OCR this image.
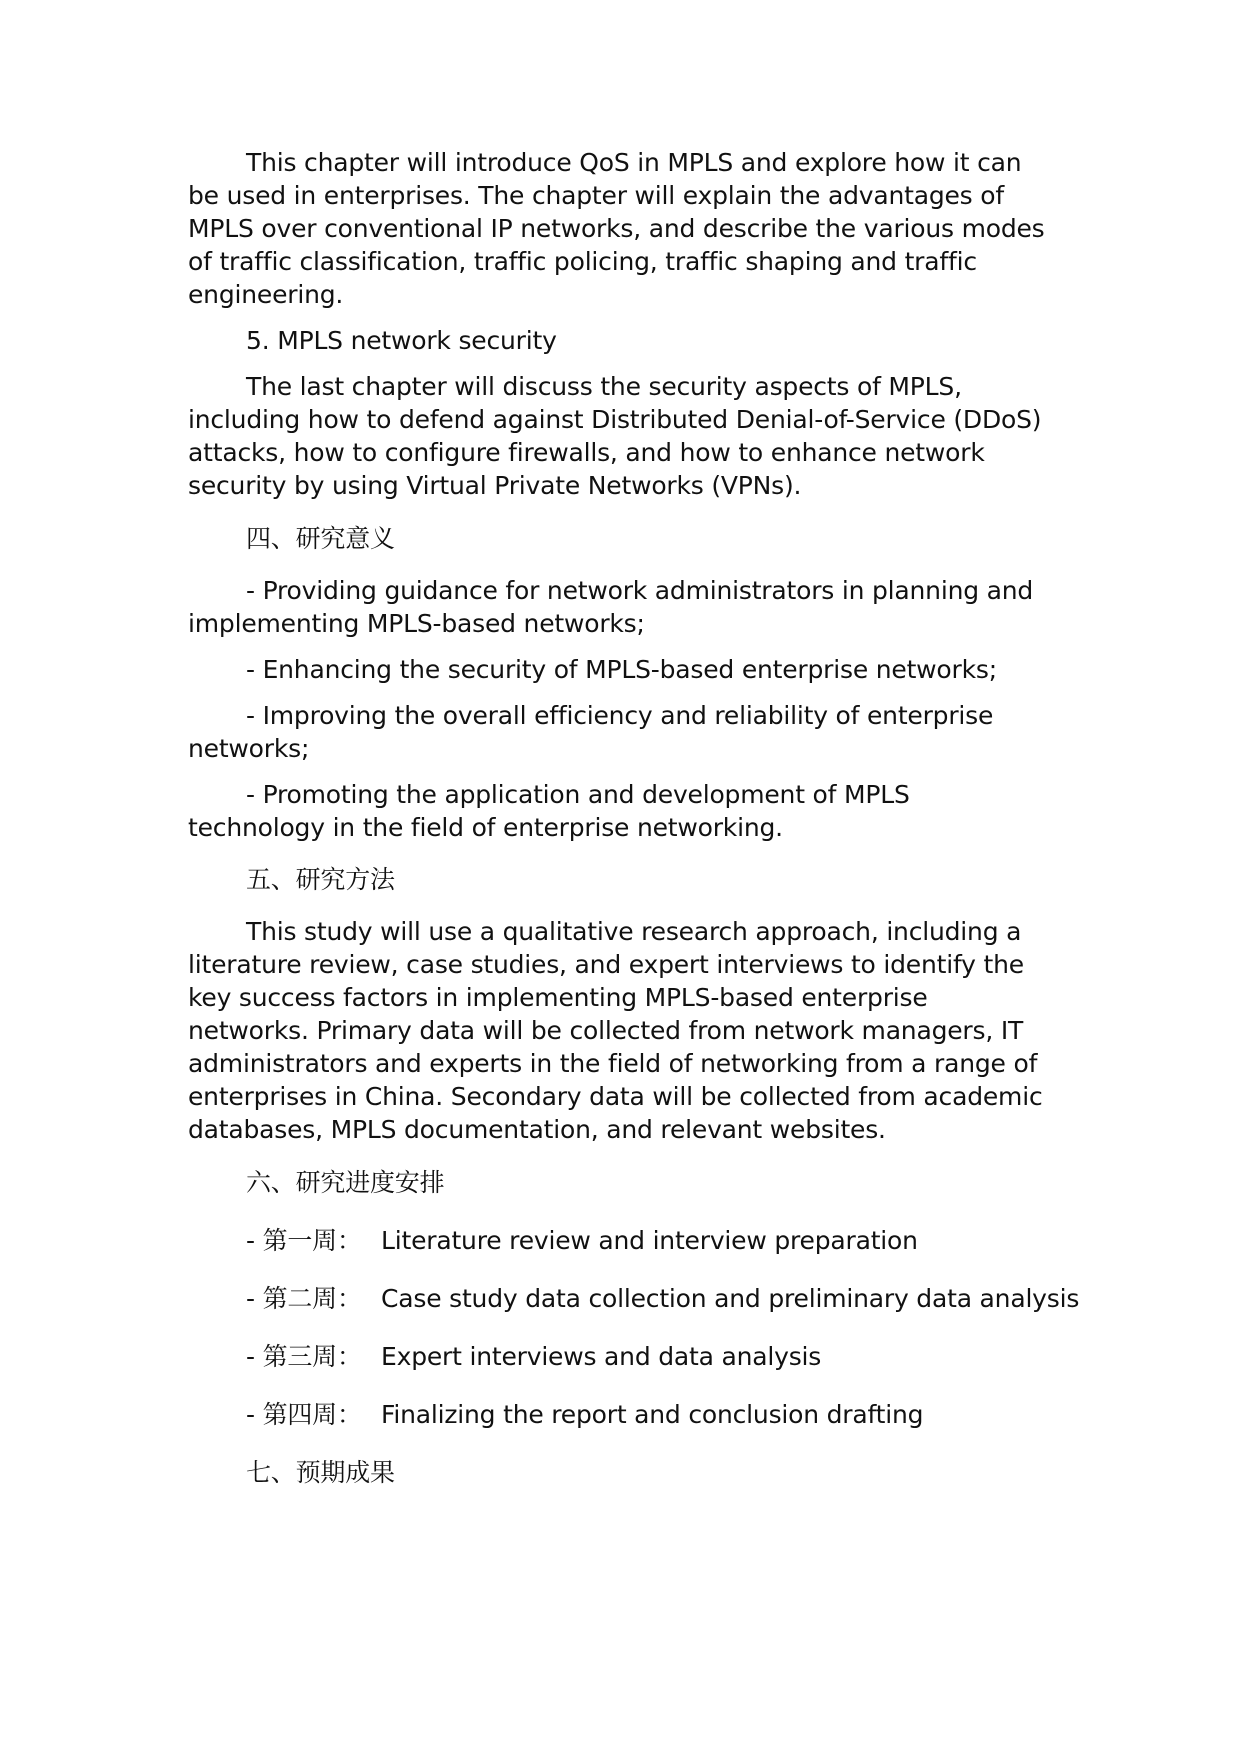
This chapter will introduce QoS in MPLS and explore how it can be used in enterprises. The chapter will explain the advantages of MPLS over conventional IP networks, and describe the various modes of traffic classification, traffic policing, traffic shaping and traffic engineering.

5. MPLS network security

The last chapter will discuss the security aspects of MPLS, including how to defend against Distributed Denial-of-Service (DDoS) attacks, how to configure firewalls, and how to enhance network security by using Virtual Private Networks (VPNs).

四、研究意义

- Providing guidance for network administrators in planning and implementing MPLS-based networks;

- Enhancing the security of MPLS-based enterprise networks;

- Improving the overall efficiency and reliability of enterprise networks;

- Promoting the application and development of MPLS technology in the field of enterprise networking.

五、研究方法

This study will use a qualitative research approach, including a literature review, case studies, and expert interviews to identify the key success factors in implementing MPLS-based enterprise networks. Primary data will be collected from network managers, IT administrators and experts in the field of networking from a range of enterprises in China. Secondary data will be collected from academic databases, MPLS documentation, and relevant websites.

六、研究进度安排

- 第一周： Literature review and interview preparation

- 第二周： Case study data collection and preliminary data analysis

- 第三周： Expert interviews and data analysis

- 第四周： Finalizing the report and conclusion drafting

七、预期成果
